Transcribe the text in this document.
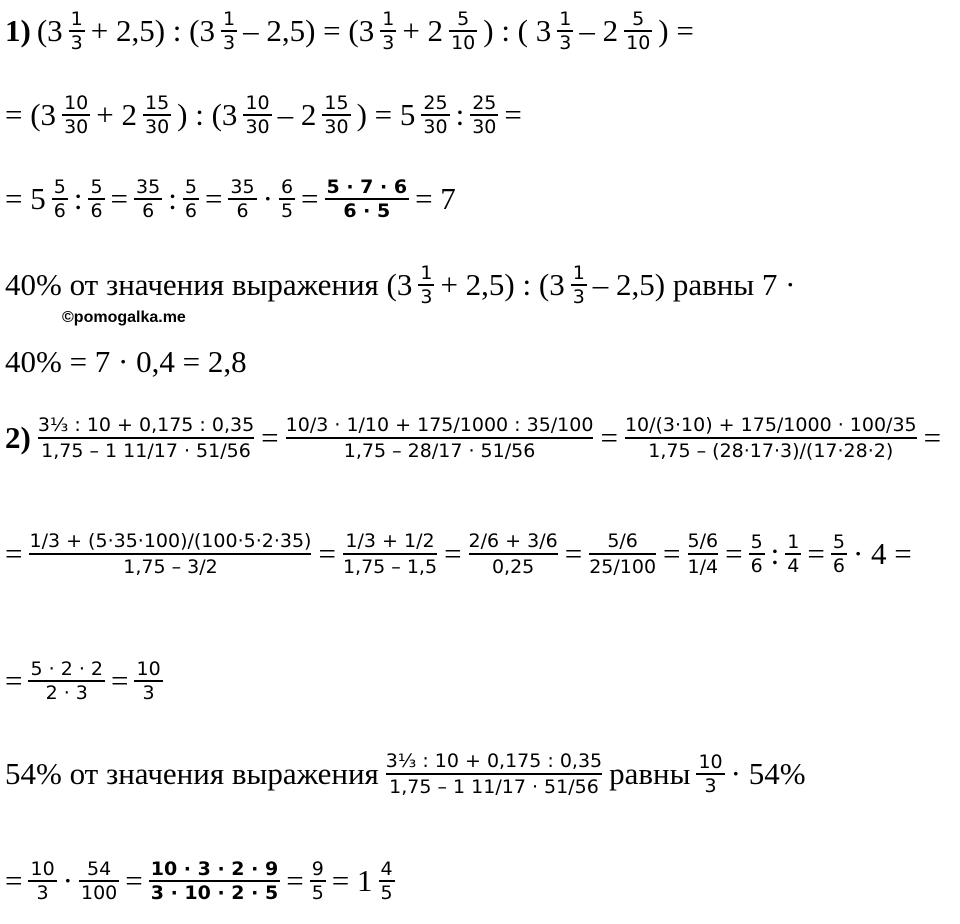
1) (3 1
3 + 2,5) : (3 1
3 – 2,5) = (3 1
3 + 2 5
10 ) : ( 3 1
3 – 2 5
10 ) =
= (3 10
30 + 2 15
30 ) : (3 10
30 – 2 15
30 ) = 5 25
30 : 25
30 =
= 5 5
6 : 5
6 = 35
6 : 5
6 = 35
6 · 6
5 = 5 · 7 · 6
6 · 5 = 7
40% от значения выражения (3 1
3 + 2,5) : (3 1
3 – 2,5) равны 7 ·
©pomogalka.me
40% = 7 · 0,4 = 2,8
2) 3⅓ : 10 + 0,175 : 0,35
1,75 – 1 11/17 · 51/56 = 10/3 · 1/10 + 175/1000 : 35/100
1,75 – 28/17 · 51/56 = 10/(3·10) + 175/1000 · 100/35
1,75 – (28·17·3)/(17·28·2) =
= 1/3 + (5·35·100)/(100·5·2·35)
1,75 – 3/2	= 1/3 + 1/2
1,75 – 1,5 = 2/6 + 3/6
0,25 = 5/6
25/100 = 5/6
1/4 = 5
6 : 1
4 = 5
6 · 4 =
= 5 · 2 · 2
2 · 3 = 10
3
54% от значения выражения 3⅓ : 10 + 0,175 : 0,35
1,75 – 1 11/17 · 51/56 равны 10
3 · 54%
= 10
3 · 54
100 = 10 · 3 · 2 · 9
3 · 10 · 2 · 5 = 9
5 = 1 4
5
